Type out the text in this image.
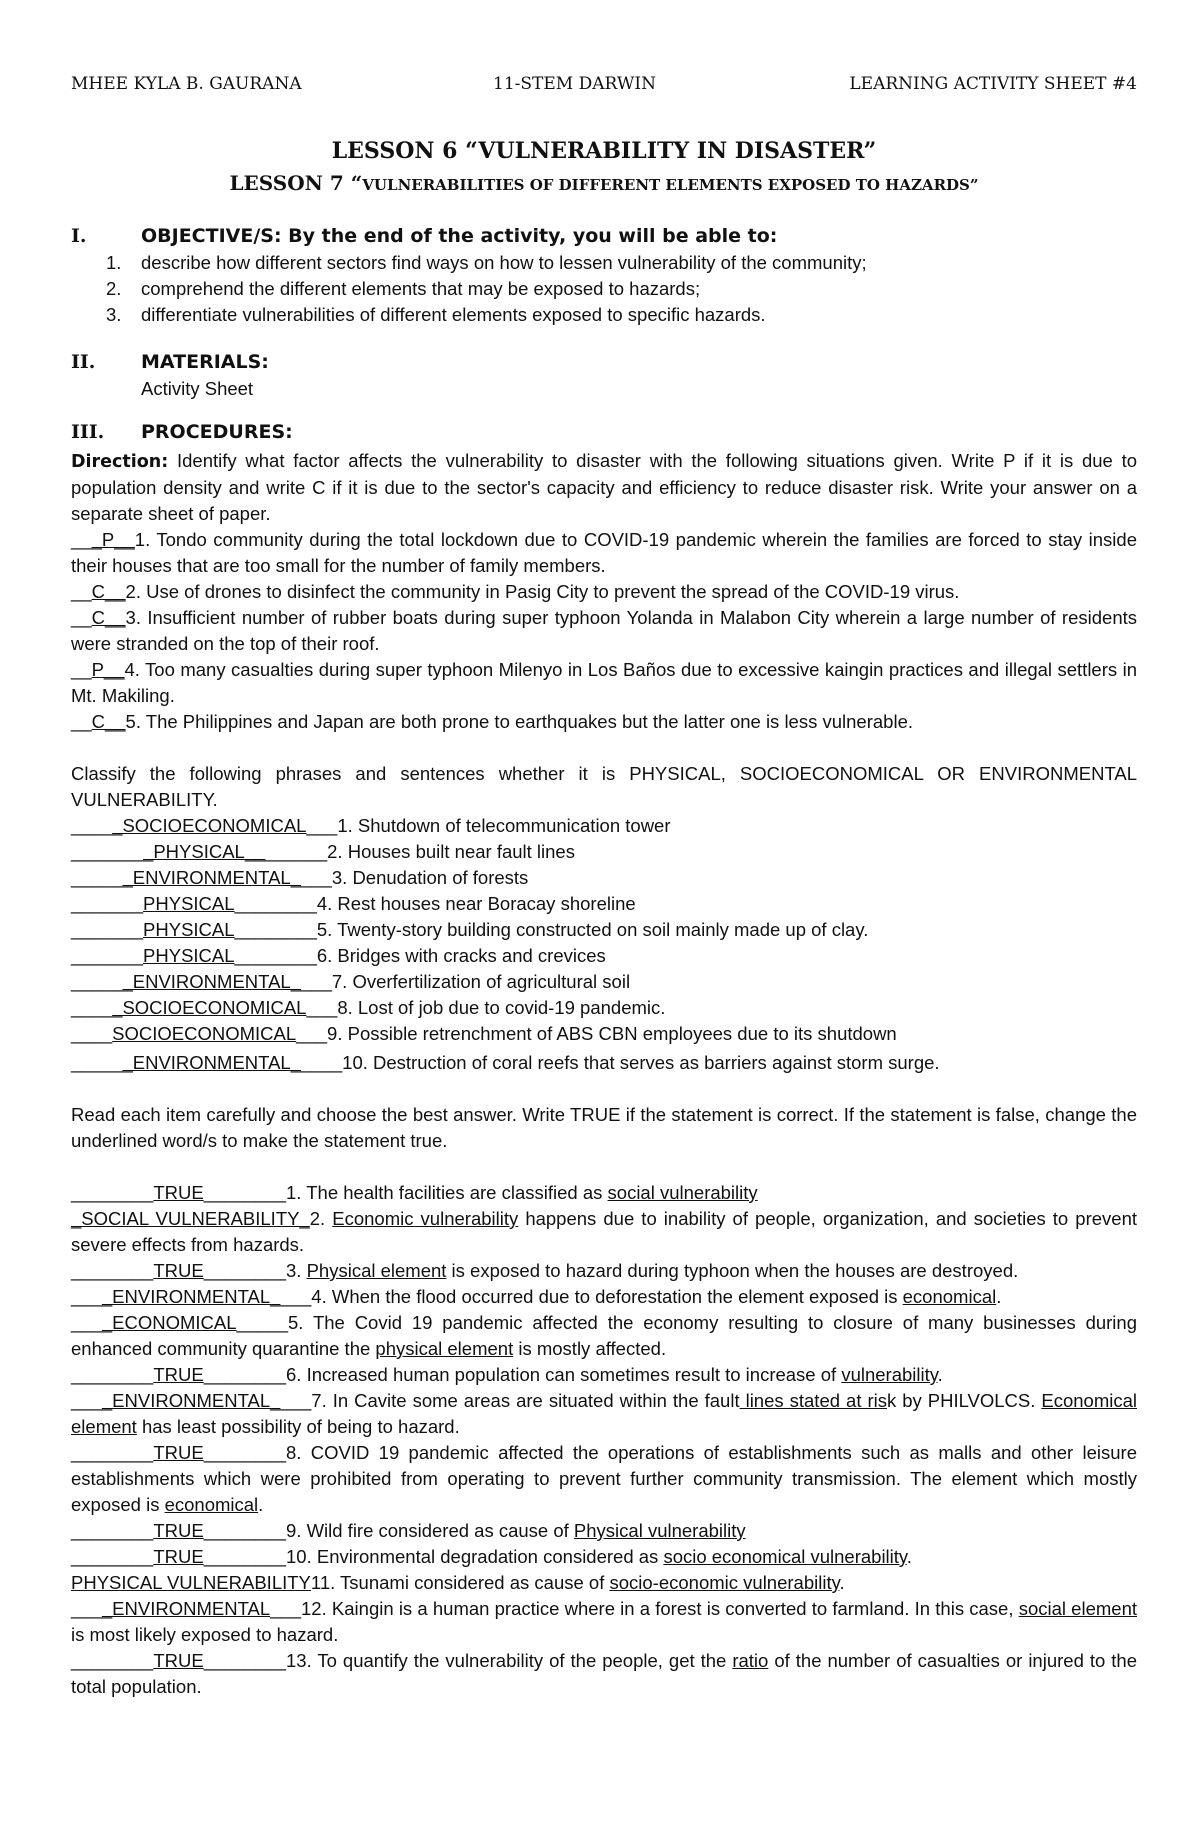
MHEE KYLA B. GAURANA	11-STEM DARWIN	LEARNING ACTIVITY SHEET #4
LESSON 6 “VULNERABILITY IN DISASTER”
LESSON 7 “VULNERABILITIES OF DIFFERENT ELEMENTS EXPOSED TO HAZARDS”
I.	OBJECTIVE/S: By the end of the activity, you will be able to:
1.	describe how different sectors find ways on how to lessen vulnerability of the community;
2.	comprehend the different elements that may be exposed to hazards;
3.	differentiate vulnerabilities of different elements exposed to specific hazards.
II.	MATERIALS:
Activity Sheet
III.	PROCEDURES:

Direction: Identify what factor affects the vulnerability to disaster with the following situations given. Write P if it is due to population density and write C if it is due to the sector's capacity and efficiency to reduce disaster risk. Write your answer on a separate sheet of paper.

___P__1. Tondo community during the total lockdown due to COVID-19 pandemic wherein the families are forced to stay inside their houses that are too small for the number of family members.

__C__2. Use of drones to disinfect the community in Pasig City to prevent the spread of the COVID-19 virus.

__C__3. Insufficient number of rubber boats during super typhoon Yolanda in Malabon City wherein a large number of residents were stranded on the top of their roof.

__P__4. Too many casualties during super typhoon Milenyo in Los Baños due to excessive kaingin practices and illegal settlers in Mt. Makiling.

__C__5. The Philippines and Japan are both prone to earthquakes but the latter one is less vulnerable.

Classify the following phrases and sentences whether it is PHYSICAL, SOCIOECONOMICAL OR ENVIRONMENTAL VULNERABILITY.

_____SOCIOECONOMICAL___1. Shutdown of telecommunication tower

________PHYSICAL________2. Houses built near fault lines

______ENVIRONMENTAL____3. Denudation of forests

_______PHYSICAL________4. Rest houses near Boracay shoreline

_______PHYSICAL________5. Twenty-story building constructed on soil mainly made up of clay.

_______PHYSICAL________6. Bridges with cracks and crevices

______ENVIRONMENTAL____7. Overfertilization of agricultural soil

_____SOCIOECONOMICAL___8. Lost of job due to covid-19 pandemic.

____SOCIOECONOMICAL___9. Possible retrenchment of ABS CBN employees due to its shutdown

______ENVIRONMENTAL_____10. Destruction of coral reefs that serves as barriers against storm surge.

Read each item carefully and choose the best answer. Write TRUE if the statement is correct. If the statement is false, change the underlined word/s to make the statement true.

________TRUE________1. The health facilities are classified as social vulnerability

_SOCIAL VULNERABILITY_2. Economic vulnerability happens due to inability of people, organization, and societies to prevent severe effects from hazards.

________TRUE________3. Physical element is exposed to hazard during typhoon when the houses are destroyed.

____ENVIRONMENTAL____4. When the flood occurred due to deforestation the element exposed is economical.

____ECONOMICAL_____5. The Covid 19 pandemic affected the economy resulting to closure of many businesses during enhanced community quarantine the physical element is mostly affected.

________TRUE________6. Increased human population can sometimes result to increase of vulnerability.

____ENVIRONMENTAL____7. In Cavite some areas are situated within the fault lines stated at risk by PHILVOLCS. Economical element has least possibility of being to hazard.

________TRUE________8. COVID 19 pandemic affected the operations of establishments such as malls and other leisure establishments which were prohibited from operating to prevent further community transmission. The element which mostly exposed is economical.

________TRUE________9. Wild fire considered as cause of Physical vulnerability

________TRUE________10. Environmental degradation considered as socio economical vulnerability.

PHYSICAL VULNERABILITY11. Tsunami considered as cause of socio-economic vulnerability.

____ENVIRONMENTAL___12. Kaingin is a human practice where in a forest is converted to farmland. In this case, social element is most likely exposed to hazard.

________TRUE________13. To quantify the vulnerability of the people, get the ratio of the number of casualties or injured to the total population.
